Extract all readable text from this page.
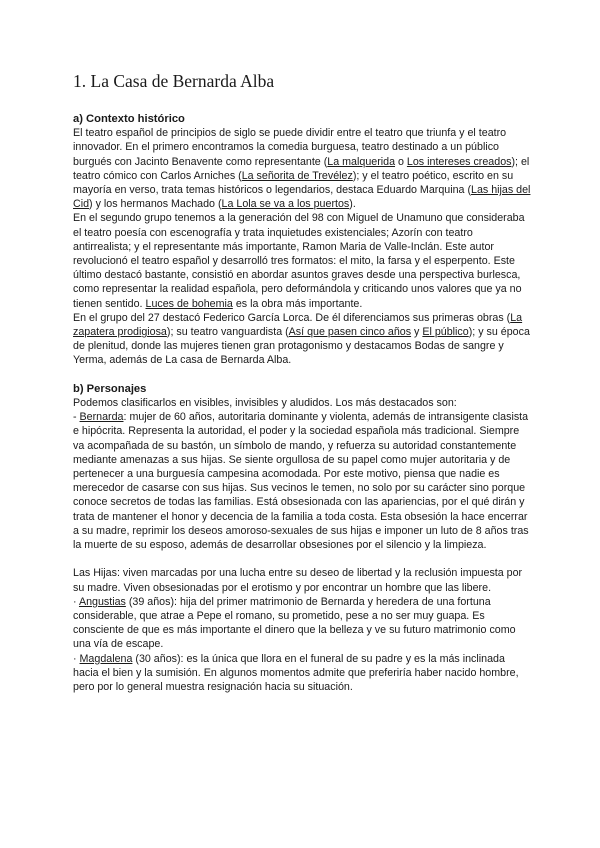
1. La Casa de Bernarda Alba
a) Contexto histórico

El teatro español de principios de siglo se puede dividir entre el teatro que triunfa y el teatro innovador. En el primero encontramos la comedia burguesa, teatro destinado a un público burgués con Jacinto Benavente como representante (La malquerida o Los intereses creados); el teatro cómico con Carlos Arniches (La señorita de Trevélez); y el teatro poético, escrito en su mayoría en verso, trata temas históricos o legendarios, destaca Eduardo Marquina (Las hijas del Cid) y los hermanos Machado (La Lola se va a los puertos).

En el segundo grupo tenemos a la generación del 98 con Miguel de Unamuno que consideraba el teatro poesía con escenografía y trata inquietudes existenciales; Azorín con teatro antirrealista; y el representante más importante, Ramon Maria de Valle-Inclán. Este autor revolucionó el teatro español y desarrolló tres formatos: el mito, la farsa y el esperpento. Este último destacó bastante, consistió en abordar asuntos graves desde una perspectiva burlesca, como representar la realidad española, pero deformándola y criticando unos valores que ya no tienen sentido. Luces de bohemia es la obra más importante.

En el grupo del 27 destacó Federico García Lorca. De él diferenciamos sus primeras obras (La zapatera prodigiosa); su teatro vanguardista (Así que pasen cinco años y El público); y su época de plenitud, donde las mujeres tienen gran protagonismo y destacamos Bodas de sangre y Yerma, además de La casa de Bernarda Alba.

b) Personajes

Podemos clasificarlos en visibles, invisibles y aludidos. Los más destacados son:

- Bernarda: mujer de 60 años, autoritaria dominante y violenta, además de intransigente clasista e hipócrita. Representa la autoridad, el poder y la sociedad española más tradicional. Siempre va acompañada de su bastón, un símbolo de mando, y refuerza su autoridad constantemente mediante amenazas a sus hijas. Se siente orgullosa de su papel como mujer autoritaria y de pertenecer a una burguesía campesina acomodada. Por este motivo, piensa que nadie es merecedor de casarse con sus hijas. Sus vecinos le temen, no solo por su carácter sino porque conoce secretos de todas las familias. Está obsesionada con las apariencias, por el qué dirán y trata de mantener el honor y decencia de la familia a toda costa. Esta obsesión la hace encerrar a su madre, reprimir los deseos amoroso-sexuales de sus hijas e imponer un luto de 8 años tras la muerte de su esposo, además de desarrollar obsesiones por el silencio y la limpieza.

Las Hijas: viven marcadas por una lucha entre su deseo de libertad y la reclusión impuesta por su madre. Viven obsesionadas por el erotismo y por encontrar un hombre que las libere.

· Angustias (39 años): hija del primer matrimonio de Bernarda y heredera de una fortuna considerable, que atrae a Pepe el romano, su prometido, pese a no ser muy guapa. Es consciente de que es más importante el dinero que la belleza y ve su futuro matrimonio como una vía de escape.

· Magdalena (30 años): es la única que llora en el funeral de su padre y es la más inclinada hacia el bien y la sumisión. En algunos momentos admite que preferiría haber nacido hombre, pero por lo general muestra resignación hacia su situación.
